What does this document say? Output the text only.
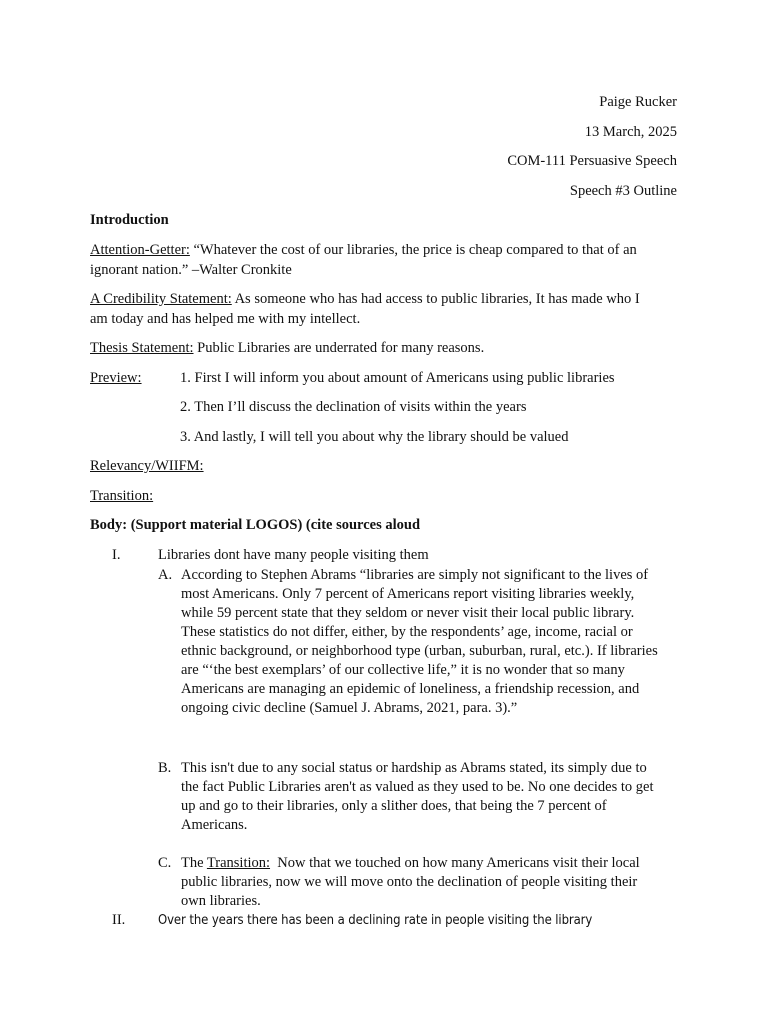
Paige Rucker
13 March, 2025
COM-111 Persuasive Speech
Speech #3 Outline
Introduction
Attention-Getter: “Whatever the cost of our libraries, the price is cheap compared to that of an
ignorant nation.” –Walter Cronkite
A Credibility Statement: As someone who has had access to public libraries, It has made who I
am today and has helped me with my intellect.
Thesis Statement: Public Libraries are underrated for many reasons.
Preview:	1. First I will inform you about amount of Americans using public libraries
2. Then I’ll discuss the declination of visits within the years
3. And lastly, I will tell you about why the library should be valued
Relevancy/WIIFM:
Transition:
Body: (Support material LOGOS) (cite sources aloud
I.	Libraries dont have many people visiting them
A. According to Stephen Abrams “libraries are simply not significant to the lives of
most Americans. Only 7 percent of Americans report visiting libraries weekly,
while 59 percent state that they seldom or never visit their local public library.
These statistics do not differ, either, by the respondents’ age, income, racial or
ethnic background, or neighborhood type (urban, suburban, rural, etc.). If libraries
are “‘the best exemplars’ of our collective life,” it is no wonder that so many
Americans are managing an epidemic of loneliness, a friendship recession, and
ongoing civic decline (Samuel J. Abrams, 2021, para. 3).”
B. This isn't due to any social status or hardship as Abrams stated, its simply due to
the fact Public Libraries aren't as valued as they used to be. No one decides to get
up and go to their libraries, only a slither does, that being the 7 percent of
Americans.
C. The Transition:  Now that we touched on how many Americans visit their local
public libraries, now we will move onto the declination of people visiting their
own libraries.
II.	Over the years there has been a declining rate in people visiting the library
